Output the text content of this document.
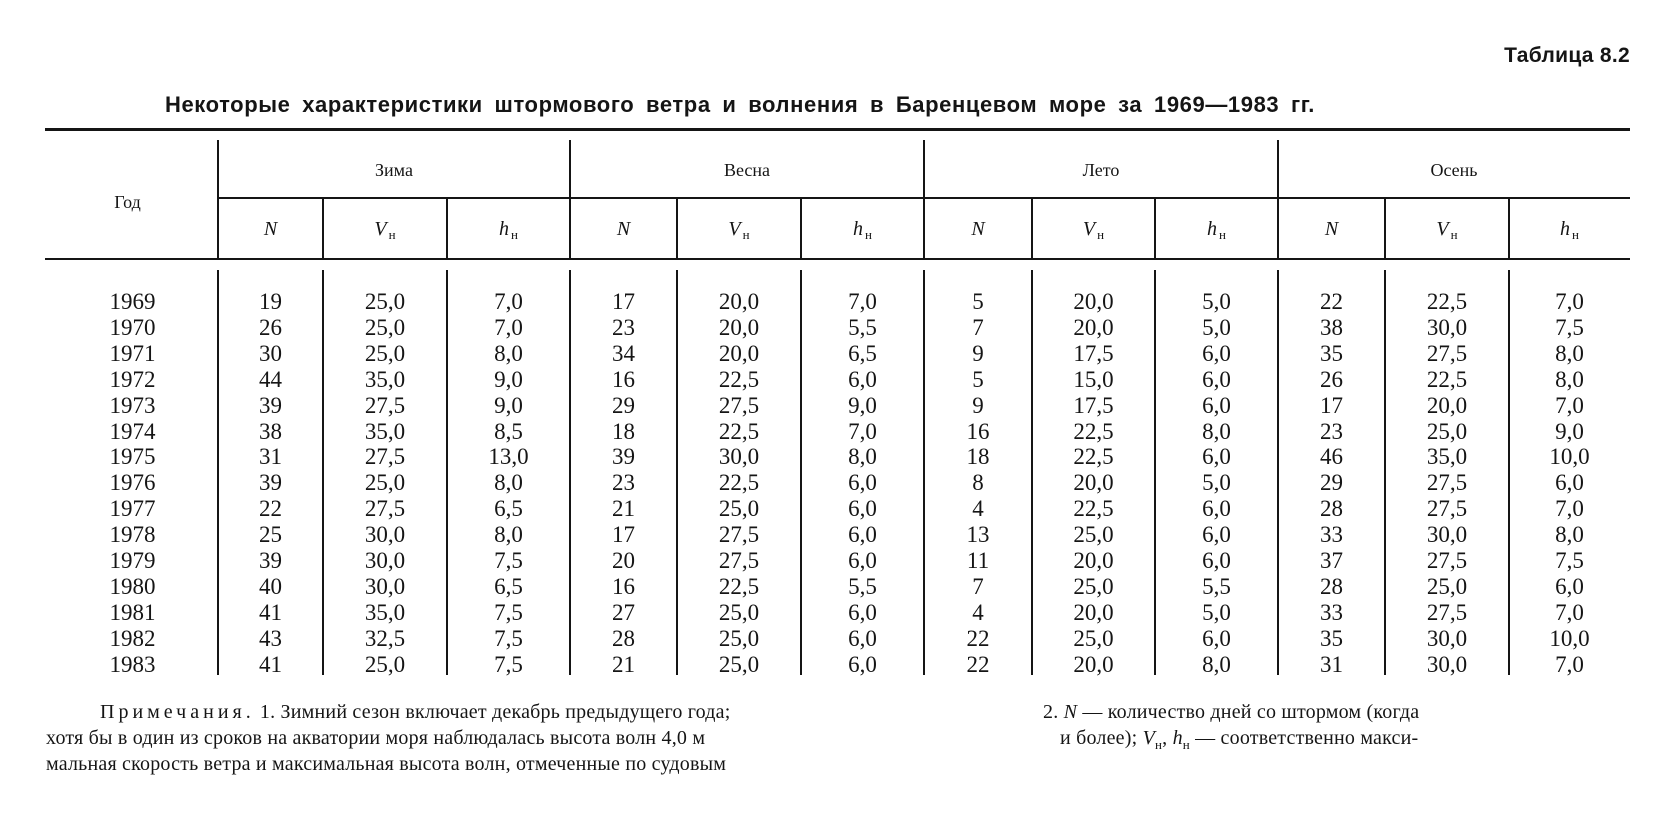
Таблица 8.2
Некоторые характеристики штормового ветра и волнения в Баренцевом море за 1969—1983 гг.
Год
Зима	Весна	Лето	Осень
N	V $_н$	h $_н$	N	V $_н$	h $_н$	N	V $_н$	h $_н$	N	V $_н$	h $_н$
1969	19	25,0	7,0	17	20,0	7,0	5	20,0	5,0	22	22,5	7,0
1970	26	25,0	7,0	23	20,0	5,5	7	20,0	5,0	38	30,0	7,5
1971	30	25,0	8,0	34	20,0	6,5	9	17,5	6,0	35	27,5	8,0
1972	44	35,0	9,0	16	22,5	6,0	5	15,0	6,0	26	22,5	8,0
1973	39	27,5	9,0	29	27,5	9,0	9	17,5	6,0	17	20,0	7,0
1974	38	35,0	8,5	18	22,5	7,0	16	22,5	8,0	23	25,0	9,0
1975	31	27,5	13,0	39	30,0	8,0	18	22,5	6,0	46	35,0	10,0
1976	39	25,0	8,0	23	22,5	6,0	8	20,0	5,0	29	27,5	6,0
1977	22	27,5	6,5	21	25,0	6,0	4	22,5	6,0	28	27,5	7,0
1978	25	30,0	8,0	17	27,5	6,0	13	25,0	6,0	33	30,0	8,0
1979	39	30,0	7,5	20	27,5	6,0	11	20,0	6,0	37	27,5	7,5
1980	40	30,0	6,5	16	22,5	5,5	7	25,0	5,5	28	25,0	6,0
1981	41	35,0	7,5	27	25,0	6,0	4	20,0	5,0	33	27,5	7,0
1982	43	32,5	7,5	28	25,0	6,0	22	25,0	6,0	35	30,0	10,0
1983	41	25,0	7,5	21	25,0	6,0	22	20,0	8,0	31	30,0	7,0
Примечания. 1. Зимний сезон включает декабрь предыдущего года;	2. N — количество дней со штормом (когда
хотя бы в один из сроков на акватории моря наблюдалась высота волн 4,0 м	и более); $V_н$, $h_н$ — соответственно макси-
мальная скорость ветра и максимальная высота волн, отмеченные по судовым
